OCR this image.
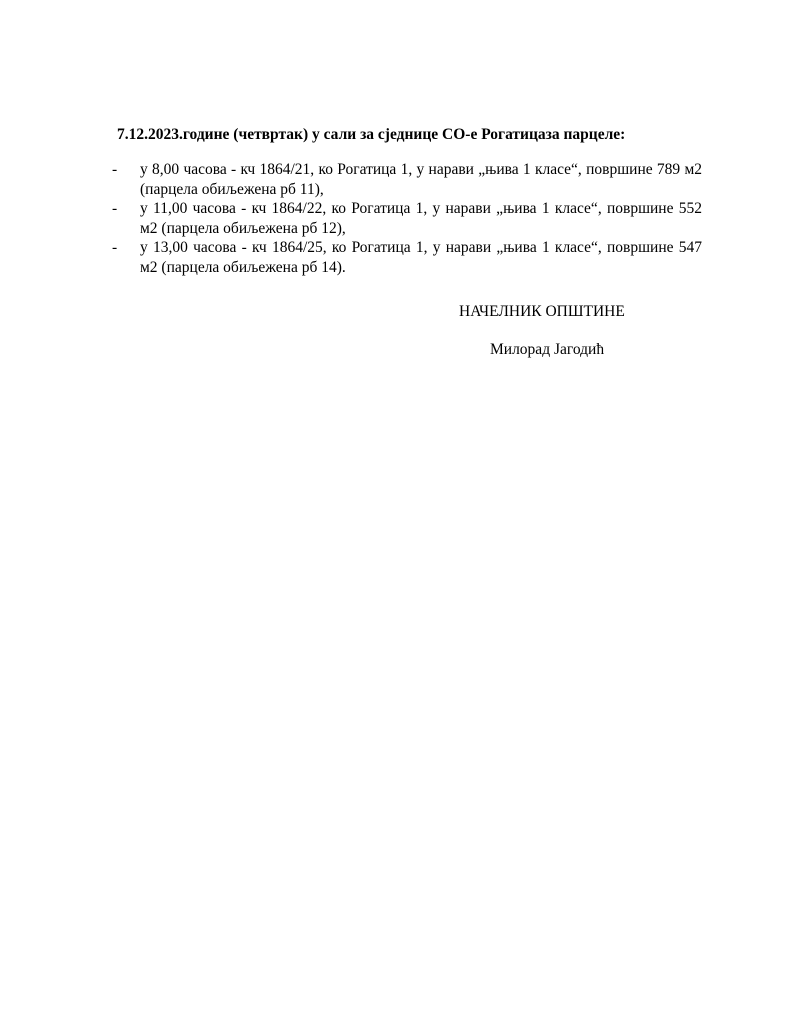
7.12.2023.године (четвртак) у сали за сједнице СО-е Рогатицаза парцеле:
-	у 8,00 часова - кч 1864/21, ко Рогатица 1, у нарави „њива 1 класе“, површине 789 м2 (парцела обиљежена рб 11),
-	у 11,00 часова - кч 1864/22, ко Рогатица 1, у нарави „њива 1 класе“, површине 552 м2 (парцела обиљежена рб 12),
-	у 13,00 часова - кч 1864/25, ко Рогатица 1, у нарави „њива 1 класе“, површине 547 м2 (парцела обиљежена рб 14).
НАЧЕЛНИК ОПШТИНЕ
Милорад Јагодић
